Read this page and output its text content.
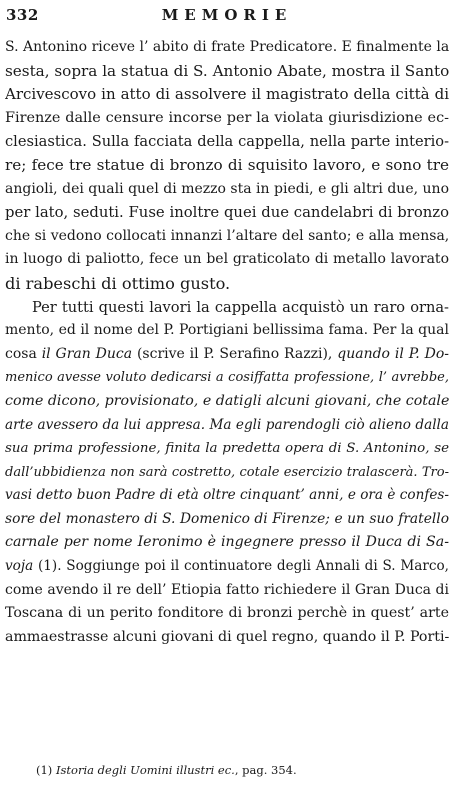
332	MEMORIE
S. Antonino riceve l’ abito di frate Predicatore. E finalmente la
sesta, sopra la statua di S. Antonio Abate, mostra il Santo
Arcivescovo in atto di assolvere il magistrato della città di
Firenze dalle censure incorse per la violata giurisdizione ec-
clesiastica. Sulla facciata della cappella, nella parte interio-
re; fece tre statue di bronzo di squisito lavoro, e sono tre
angioli, dei quali quel di mezzo sta in piedi, e gli altri due, uno
per lato, seduti. Fuse inoltre quei due candelabri di bronzo
che si vedono collocati innanzi l’altare del santo; e alla mensa,
in luogo di paliotto, fece un bel graticolato di metallo lavorato
di rabeschi di ottimo gusto.
Per tutti questi lavori la cappella acquistò un raro orna-
mento, ed il nome del P. Portigiani bellissima fama. Per la qual
cosa il Gran Duca (scrive il P. Serafino Razzi), quando il P. Do-
menico avesse voluto dedicarsi a cosiffatta professione, l’ avrebbe,
come dicono, provisionato, e datigli alcuni giovani, che cotale
arte avessero da lui appresa. Ma egli parendogli ciò alieno dalla
sua prima professione, finita la predetta opera di S. Antonino, se
dall’ubbidienza non sarà costretto, cotale esercizio tralascerà. Tro-
vasi detto buon Padre di età oltre cinquant’ anni, e ora è confes-
sore del monastero di S. Domenico di Firenze; e un suo fratello
carnale per nome Ieronimo è ingegnere presso il Duca di Sa-
voja (1). Soggiunge poi il continuatore degli Annali di S. Marco,
come avendo il re dell’ Etiopia fatto richiedere il Gran Duca di
Toscana di un perito fonditore di bronzi perchè in quest’ arte
ammaestrasse alcuni giovani di quel regno, quando il P. Porti-
(1) Istoria degli Uomini illustri ec., pag. 354.
